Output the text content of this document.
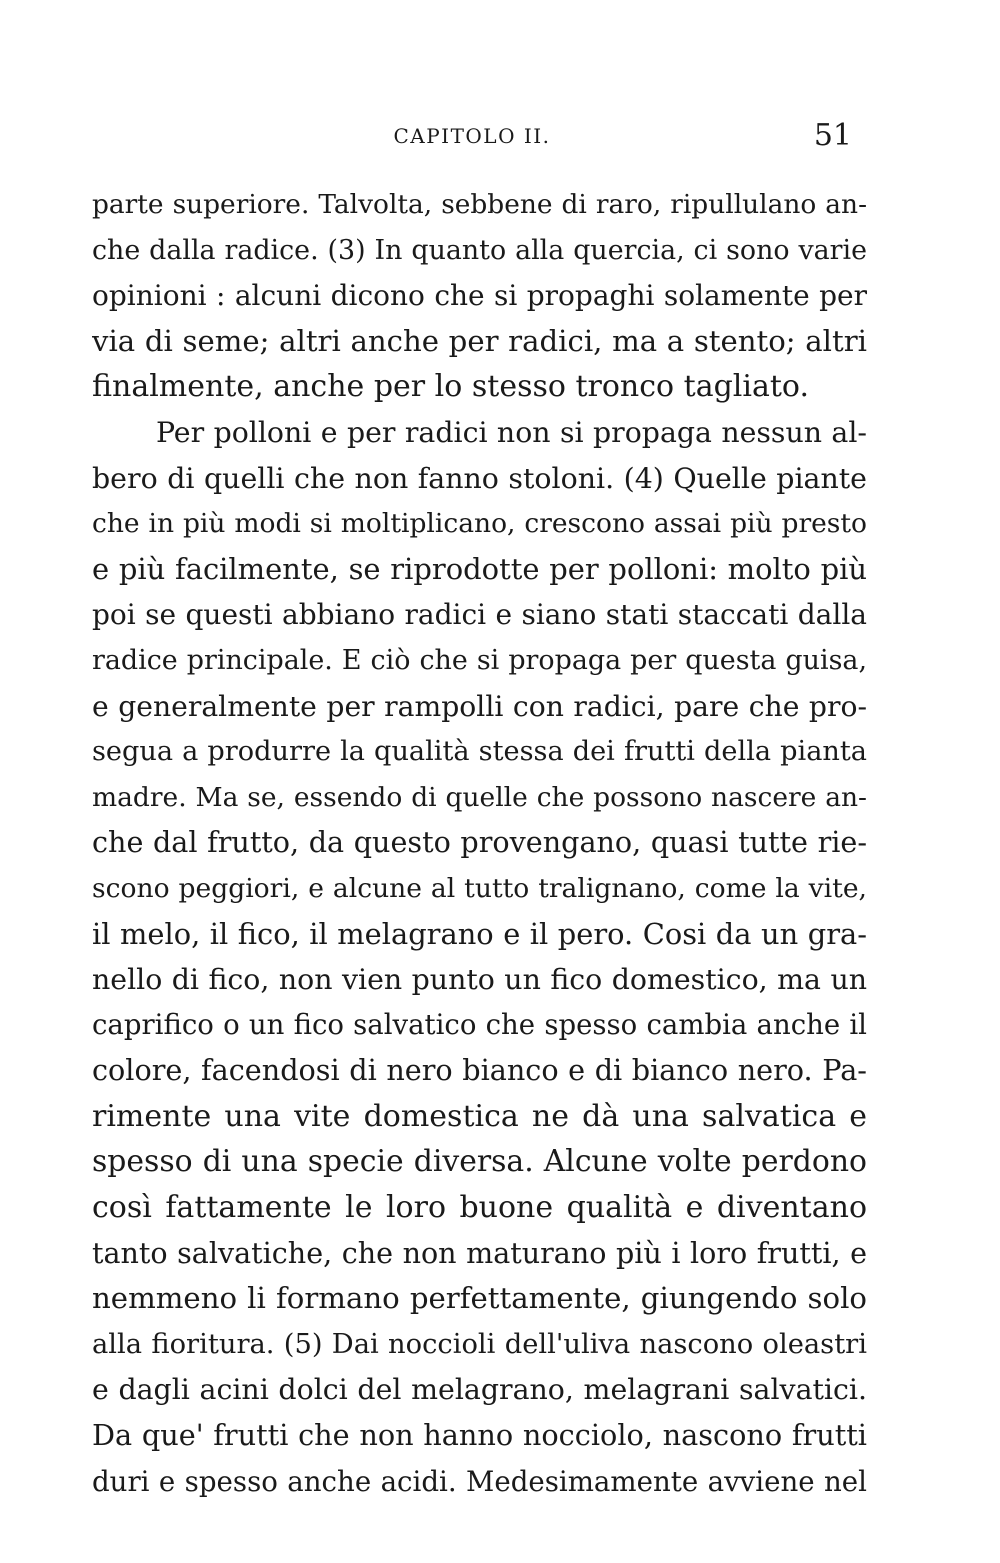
CAPITOLO II.	51
parte superiore. Talvolta, sebbene di raro, ripullulano an-
che dalla radice. (3) In quanto alla quercia, ci sono varie
opinioni : alcuni dicono che si propaghi solamente per
via di seme; altri anche per radici, ma a stento; altri
finalmente, anche per lo stesso tronco tagliato.
Per polloni e per radici non si propaga nessun al-
bero di quelli che non fanno stoloni. (4) Quelle piante
che in più modi si moltiplicano, crescono assai più presto
e più facilmente, se riprodotte per polloni: molto più
poi se questi abbiano radici e siano stati staccati dalla
radice principale. E ciò che si propaga per questa guisa,
e generalmente per rampolli con radici, pare che pro-
segua a produrre la qualità stessa dei frutti della pianta
madre. Ma se, essendo di quelle che possono nascere an-
che dal frutto, da questo provengano, quasi tutte rie-
scono peggiori, e alcune al tutto tralignano, come la vite,
il melo, il fico, il melagrano e il pero. Cosi da un gra-
nello di fico, non vien punto un fico domestico, ma un
caprifico o un fico salvatico che spesso cambia anche il
colore, facendosi di nero bianco e di bianco nero. Pa-
rimente una vite domestica ne dà una salvatica e
spesso di una specie diversa. Alcune volte perdono
così fattamente le loro buone qualità e diventano
tanto salvatiche, che non maturano più i loro frutti, e
nemmeno li formano perfettamente, giungendo solo
alla fioritura. (5) Dai noccioli dell'uliva nascono oleastri
e dagli acini dolci del melagrano, melagrani salvatici.
Da que' frutti che non hanno nocciolo, nascono frutti
duri e spesso anche acidi. Medesimamente avviene nel
